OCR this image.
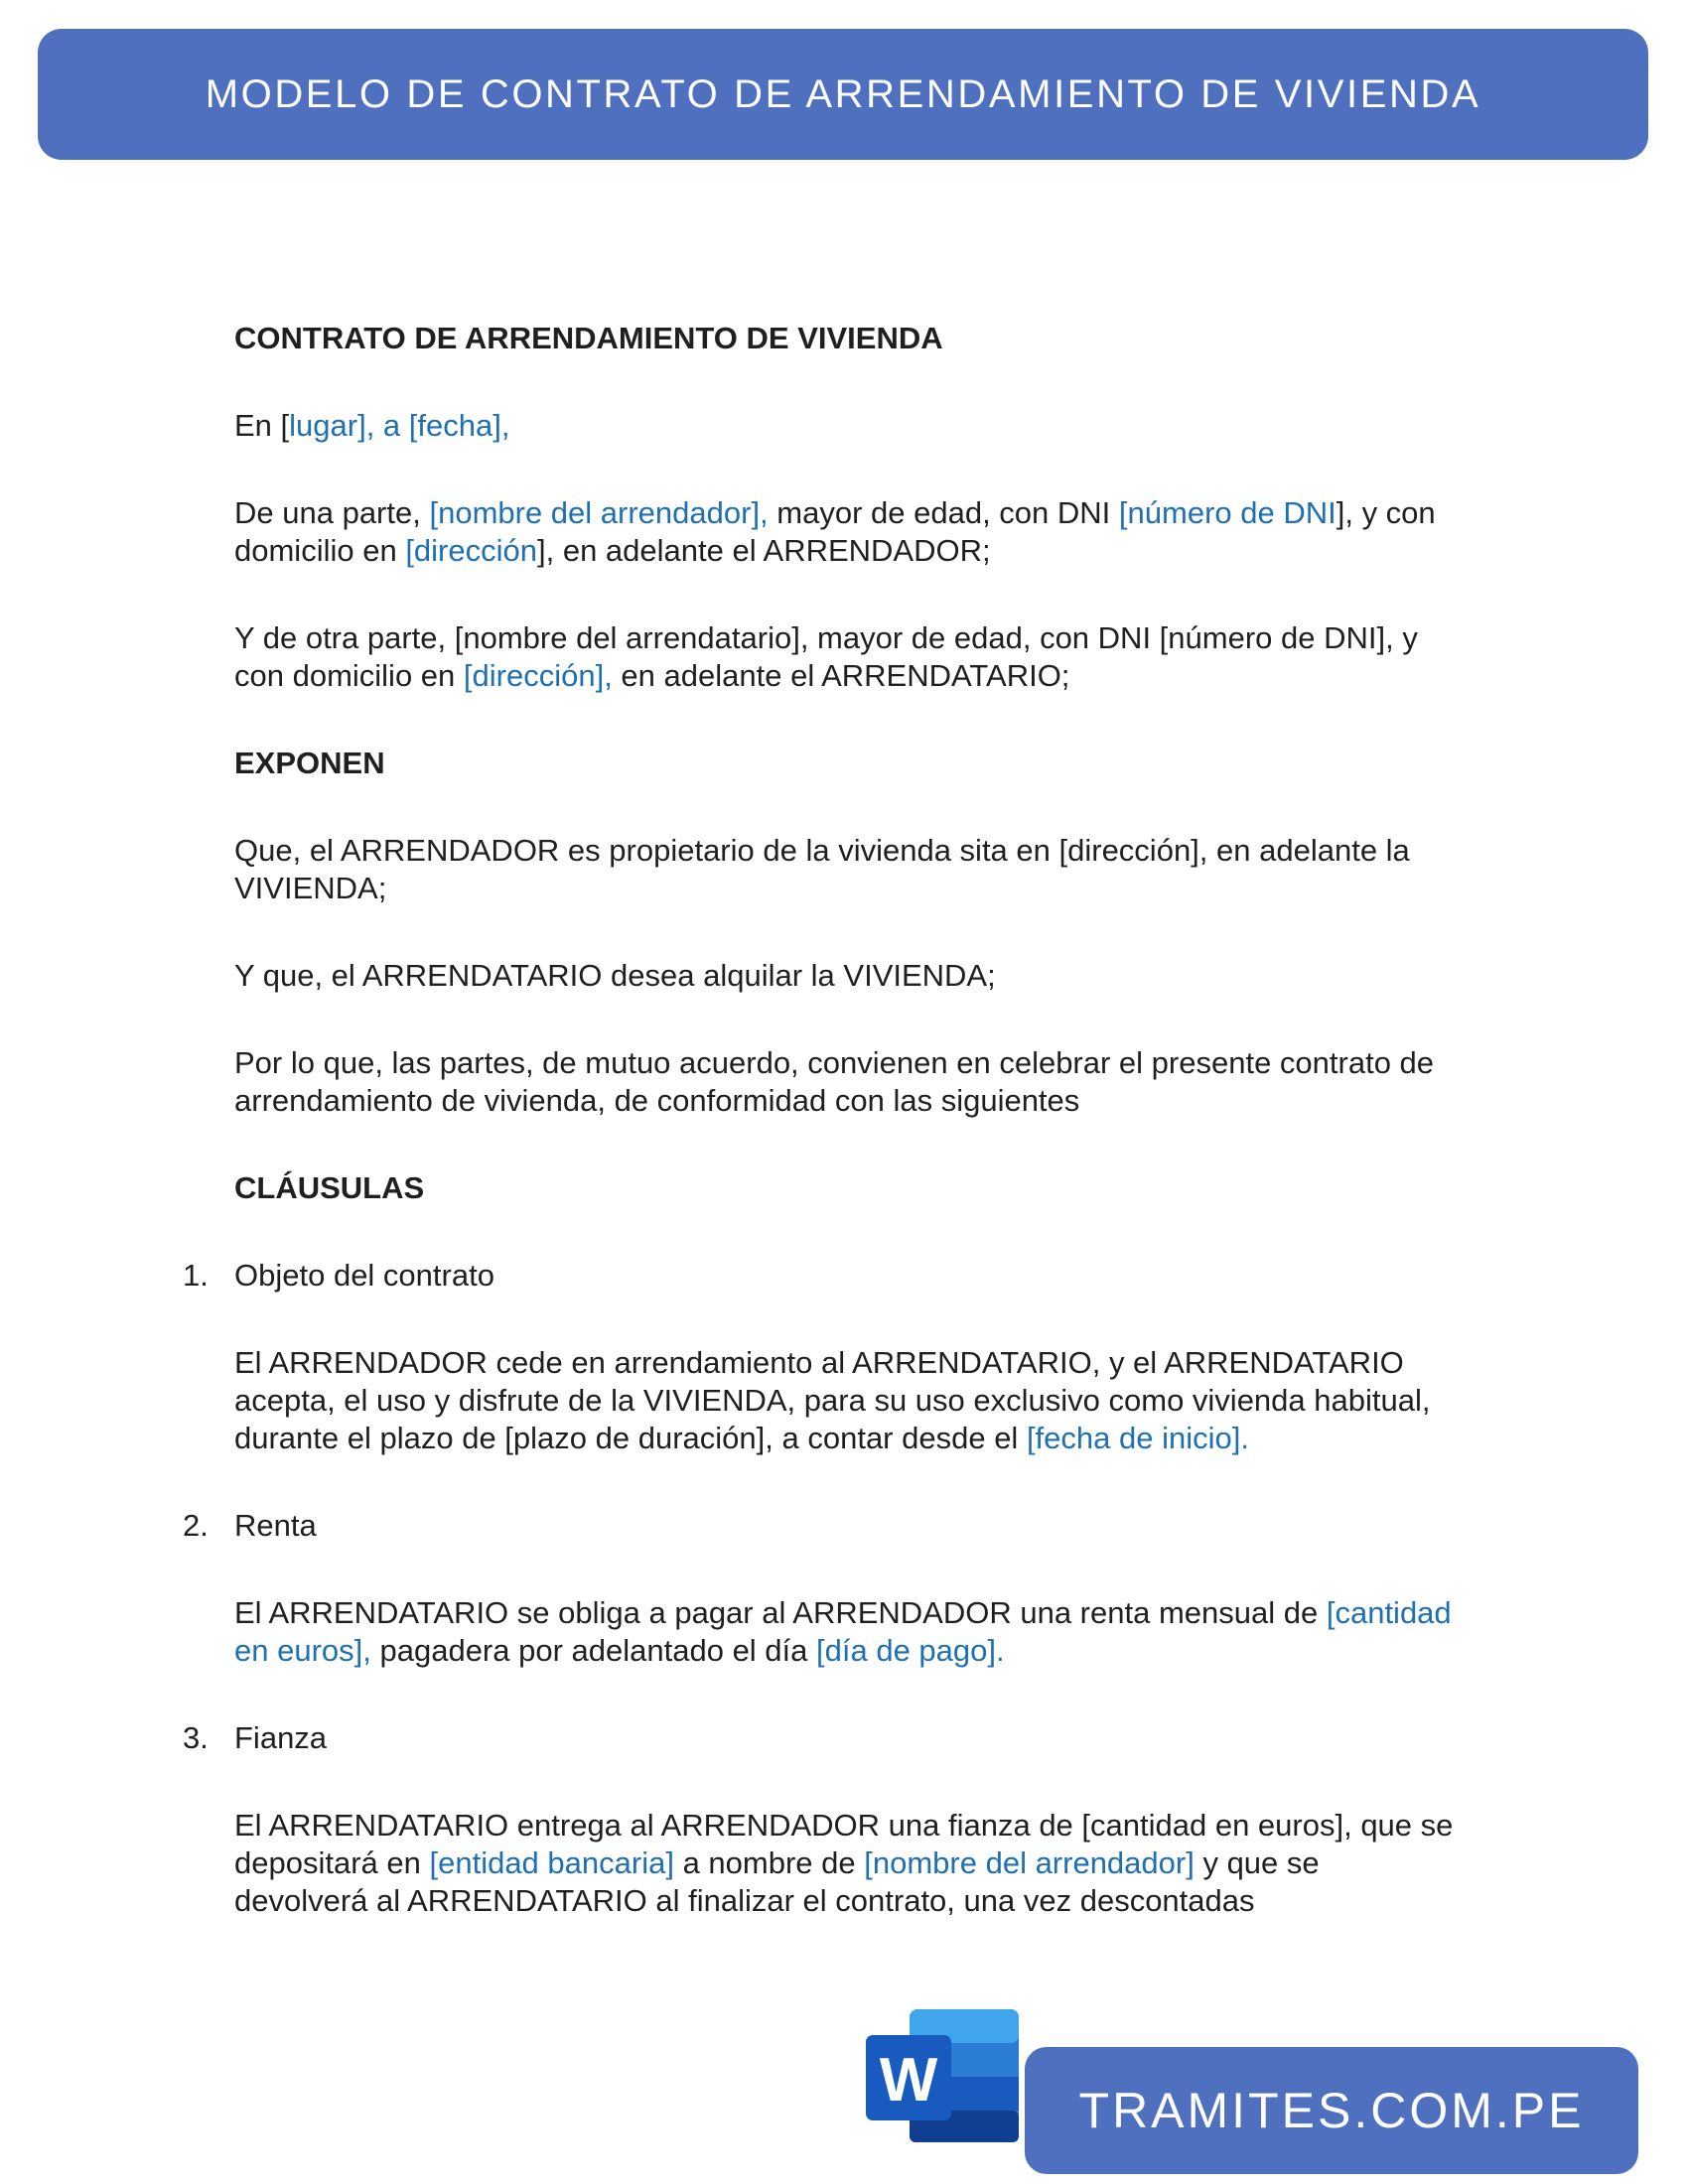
MODELO DE CONTRATO DE ARRENDAMIENTO DE VIVIENDA

CONTRATO DE ARRENDAMIENTO DE VIVIENDA

En [lugar], a [fecha],

De una parte, [nombre del arrendador], mayor de edad, con DNI [número de DNI], y con domicilio en [dirección], en adelante el ARRENDADOR;

Y de otra parte, [nombre del arrendatario], mayor de edad, con DNI [número de DNI], y con domicilio en [dirección], en adelante el ARRENDATARIO;

EXPONEN

Que, el ARRENDADOR es propietario de la vivienda sita en [dirección], en adelante la VIVIENDA;

Y que, el ARRENDATARIO desea alquilar la VIVIENDA;

Por lo que, las partes, de mutuo acuerdo, convienen en celebrar el presente contrato de arrendamiento de vivienda, de conformidad con las siguientes

CLÁUSULAS

1. Objeto del contrato

El ARRENDADOR cede en arrendamiento al ARRENDATARIO, y el ARRENDATARIO acepta, el uso y disfrute de la VIVIENDA, para su uso exclusivo como vivienda habitual, durante el plazo de [plazo de duración], a contar desde el [fecha de inicio].

2. Renta

El ARRENDATARIO se obliga a pagar al ARRENDADOR una renta mensual de [cantidad en euros], pagadera por adelantado el día [día de pago].

3. Fianza

El ARRENDATARIO entrega al ARRENDADOR una fianza de [cantidad en euros], que se depositará en [entidad bancaria] a nombre de [nombre del arrendador] y que se devolverá al ARRENDATARIO al finalizar el contrato, una vez descontadas

W	TRAMITES.COM.PE
